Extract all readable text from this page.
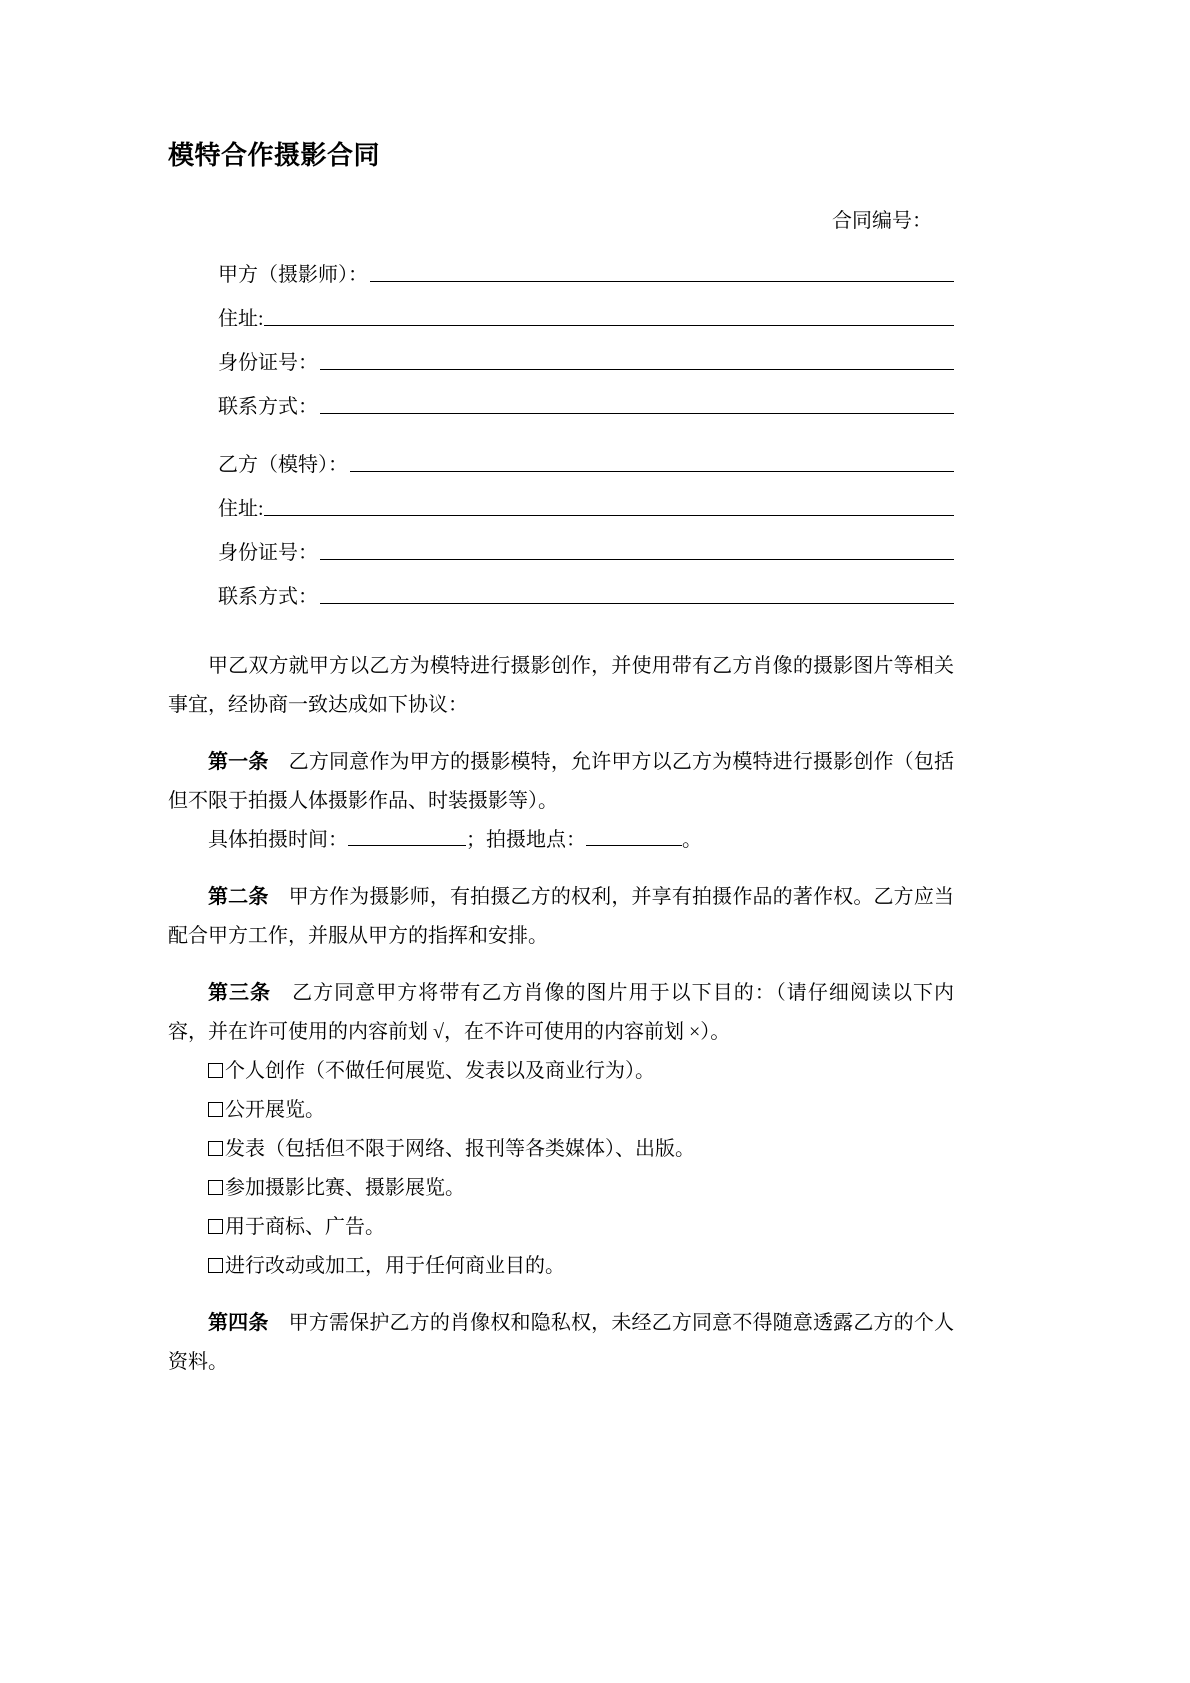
模特合作摄影合同
合同编号：
甲方（摄影师）：
住址:
身份证号：
联系方式：
乙方（模特）：
住址:
身份证号：
联系方式：

甲乙双方就甲方以乙方为模特进行摄影创作，并使用带有乙方肖像的摄影图片等相关事宜，经协商一致达成如下协议：

第一条 乙方同意作为甲方的摄影模特，允许甲方以乙方为模特进行摄影创作（包括但不限于拍摄人体摄影作品、时装摄影等）。

具体拍摄时间：	；拍摄地点：	。

第二条 甲方作为摄影师，有拍摄乙方的权利，并享有拍摄作品的著作权。乙方应当配合甲方工作，并服从甲方的指挥和安排。

第三条 乙方同意甲方将带有乙方肖像的图片用于以下目的：（请仔细阅读以下内容，并在许可使用的内容前划 √，在不许可使用的内容前划 ×）。

个人创作（不做任何展览、发表以及商业行为）。
公开展览。
发表（包括但不限于网络、报刊等各类媒体）、出版。
参加摄影比赛、摄影展览。
用于商标、广告。
进行改动或加工，用于任何商业目的。

第四条 甲方需保护乙方的肖像权和隐私权，未经乙方同意不得随意透露乙方的个人资料。
